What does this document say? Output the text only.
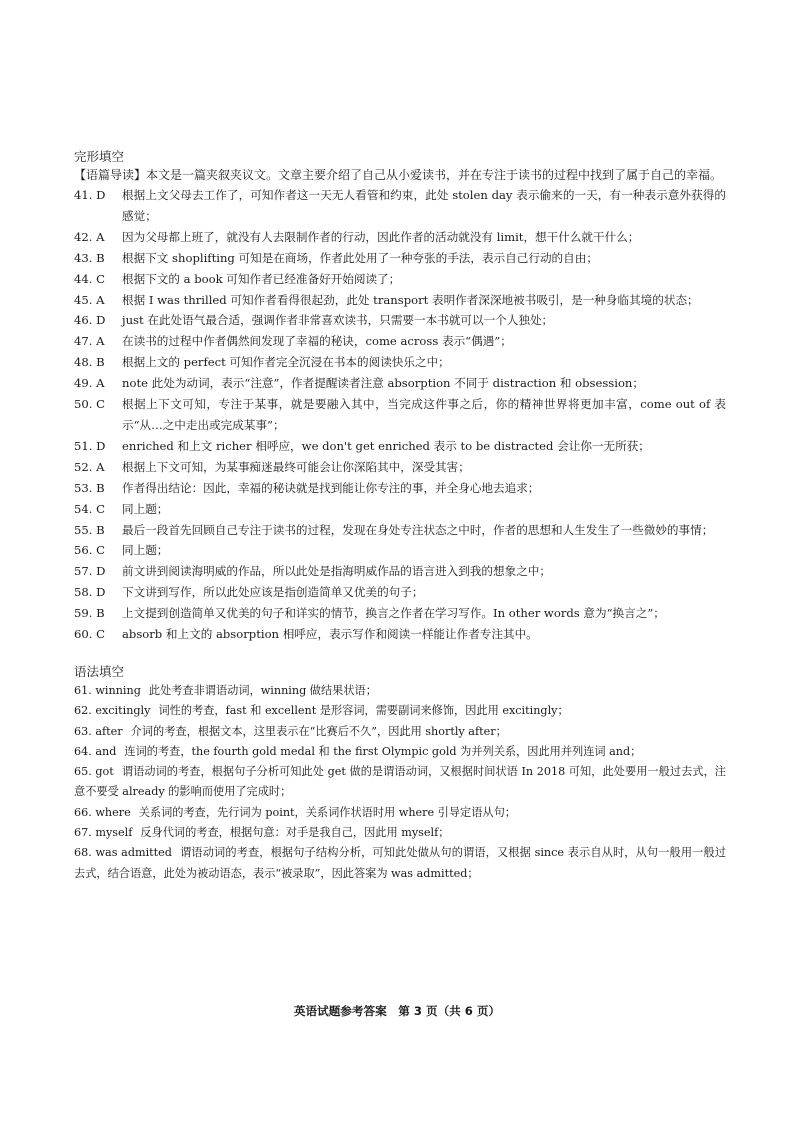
完形填空
【语篇导读】本文是一篇夹叙夹议文。文章主要介绍了自己从小爱读书，并在专注于读书的过程中找到了属于自己的幸福。
41. D	根据上文父母去工作了，可知作者这一天无人看管和约束，此处 stolen day 表示偷来的一天，有一种表示意外获得的感觉；
42. A	因为父母都上班了，就没有人去限制作者的行动，因此作者的活动就没有 limit，想干什么就干什么；
43. B	根据下文 shoplifting 可知是在商场，作者此处用了一种夸张的手法，表示自己行动的自由；
44. C	根据下文的 a book 可知作者已经准备好开始阅读了；
45. A	根据 I was thrilled 可知作者看得很起劲，此处 transport 表明作者深深地被书吸引，是一种身临其境的状态；
46. D	just 在此处语气最合适，强调作者非常喜欢读书，只需要一本书就可以一个人独处；
47. A	在读书的过程中作者偶然间发现了幸福的秘诀，come across 表示“偶遇”；
48. B	根据上文的 perfect 可知作者完全沉浸在书本的阅读快乐之中；
49. A	note 此处为动词，表示“注意”，作者提醒读者注意 absorption 不同于 distraction 和 obsession；
50. C	根据上下文可知，专注于某事，就是要融入其中，当完成这件事之后，你的精神世界将更加丰富，come out of 表示“从…之中走出或完成某事”；
51. D	enriched 和上文 richer 相呼应，we don't get enriched 表示 to be distracted 会让你一无所获；
52. A	根据上下文可知，为某事痴迷最终可能会让你深陷其中，深受其害；
53. B	作者得出结论：因此，幸福的秘诀就是找到能让你专注的事，并全身心地去追求；
54. C	同上题；
55. B	最后一段首先回顾自己专注于读书的过程，发现在身处专注状态之中时，作者的思想和人生发生了一些微妙的事情；
56. C	同上题；
57. D	前文讲到阅读海明威的作品，所以此处是指海明威作品的语言进入到我的想象之中；
58. D	下文讲到写作，所以此处应该是指创造简单又优美的句子；
59. B	上文提到创造简单又优美的句子和详实的情节，换言之作者在学习写作。In other words 意为“换言之”；
60. C	absorb 和上文的 absorption 相呼应，表示写作和阅读一样能让作者专注其中。
语法填空
61. winning 此处考查非谓语动词，winning 做结果状语；
62. excitingly 词性的考查，fast 和 excellent 是形容词，需要副词来修饰，因此用 excitingly；
63. after 介词的考查，根据文本，这里表示在“比赛后不久”，因此用 shortly after；
64. and 连词的考查，the fourth gold medal 和 the first Olympic gold 为并列关系，因此用并列连词 and；
65. got 谓语动词的考查，根据句子分析可知此处 get 做的是谓语动词，又根据时间状语 In 2018 可知，此处要用一般过去式，注意不要受 already 的影响而使用了完成时；
66. where 关系词的考查，先行词为 point，关系词作状语时用 where 引导定语从句；
67. myself 反身代词的考查，根据句意：对手是我自己，因此用 myself；
68. was admitted 谓语动词的考查，根据句子结构分析，可知此处做从句的谓语，又根据 since 表示自从时，从句一般用一般过去式，结合语意，此处为被动语态，表示“被录取”，因此答案为 was admitted；
英语试题参考答案　第 3 页（共 6 页）
